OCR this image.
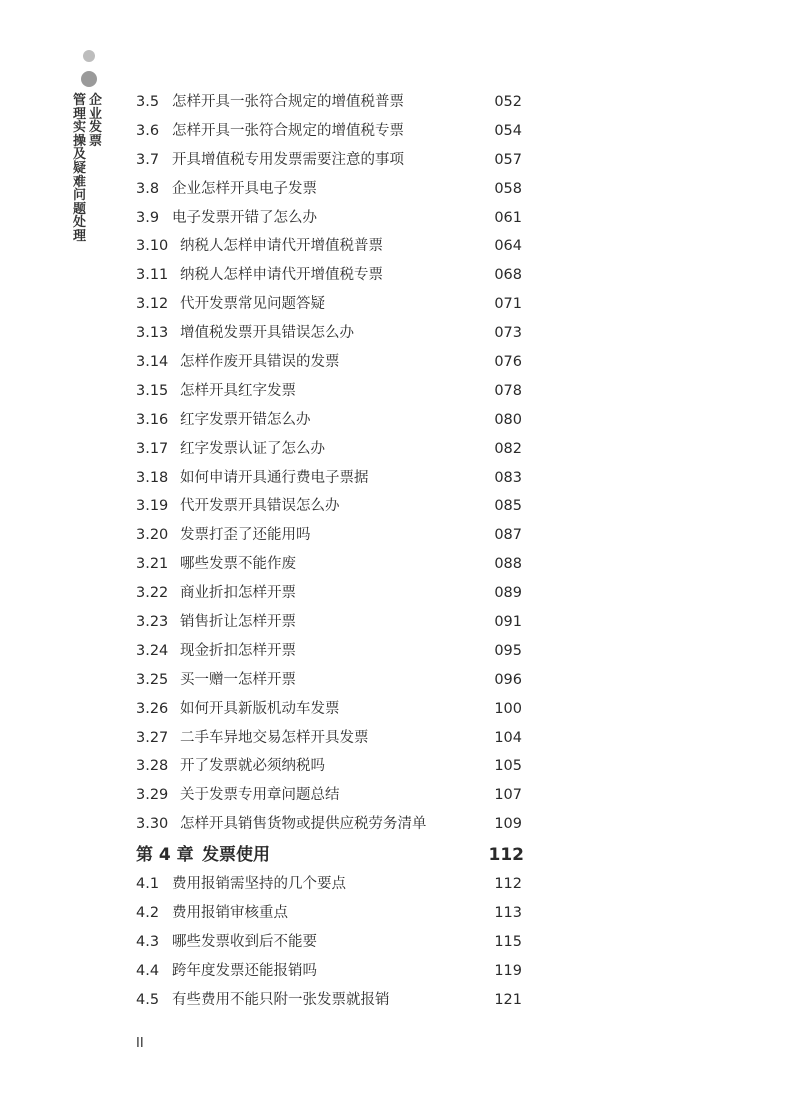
企
业
发
票
管
理
实
操
及
疑
难
问
题
处
理
3.5 怎样开具一张符合规定的增值税普票	052
3.6 怎样开具一张符合规定的增值税专票	054
3.7 开具增值税专用发票需要注意的事项	057
3.8 企业怎样开具电子发票	058
3.9 电子发票开错了怎么办	061
3.10 纳税人怎样申请代开增值税普票	064
3.11 纳税人怎样申请代开增值税专票	068
3.12 代开发票常见问题答疑	071
3.13 增值税发票开具错误怎么办	073
3.14 怎样作废开具错误的发票	076
3.15 怎样开具红字发票	078
3.16 红字发票开错怎么办	080
3.17 红字发票认证了怎么办	082
3.18 如何申请开具通行费电子票据	083
3.19 代开发票开具错误怎么办	085
3.20 发票打歪了还能用吗	087
3.21 哪些发票不能作废	088
3.22 商业折扣怎样开票	089
3.23 销售折让怎样开票	091
3.24 现金折扣怎样开票	095
3.25 买一赠一怎样开票	096
3.26 如何开具新版机动车发票	100
3.27 二手车异地交易怎样开具发票	104
3.28 开了发票就必须纳税吗	105
3.29 关于发票专用章问题总结	107
3.30 怎样开具销售货物或提供应税劳务清单	109
第 4 章 发票使用	112
4.1 费用报销需坚持的几个要点	112
4.2 费用报销审核重点	113
4.3 哪些发票收到后不能要	115
4.4 跨年度发票还能报销吗	119
4.5 有些费用不能只附一张发票就报销	121
II
